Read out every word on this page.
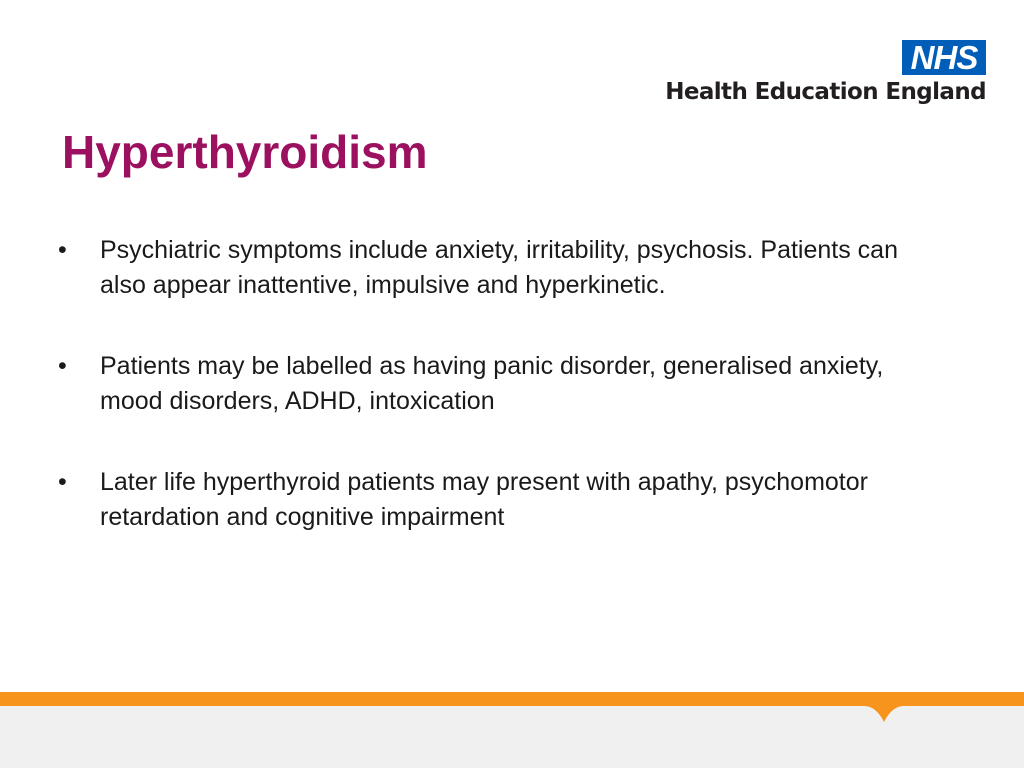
NHS
Health Education England
Hyperthyroidism
•	Psychiatric symptoms include anxiety, irritability, psychosis. Patients can also appear inattentive, impulsive and hyperkinetic.
•	Patients may be labelled as having panic disorder, generalised anxiety, mood disorders, ADHD, intoxication
•	Later life hyperthyroid patients may present with apathy, psychomotor retardation and cognitive impairment
